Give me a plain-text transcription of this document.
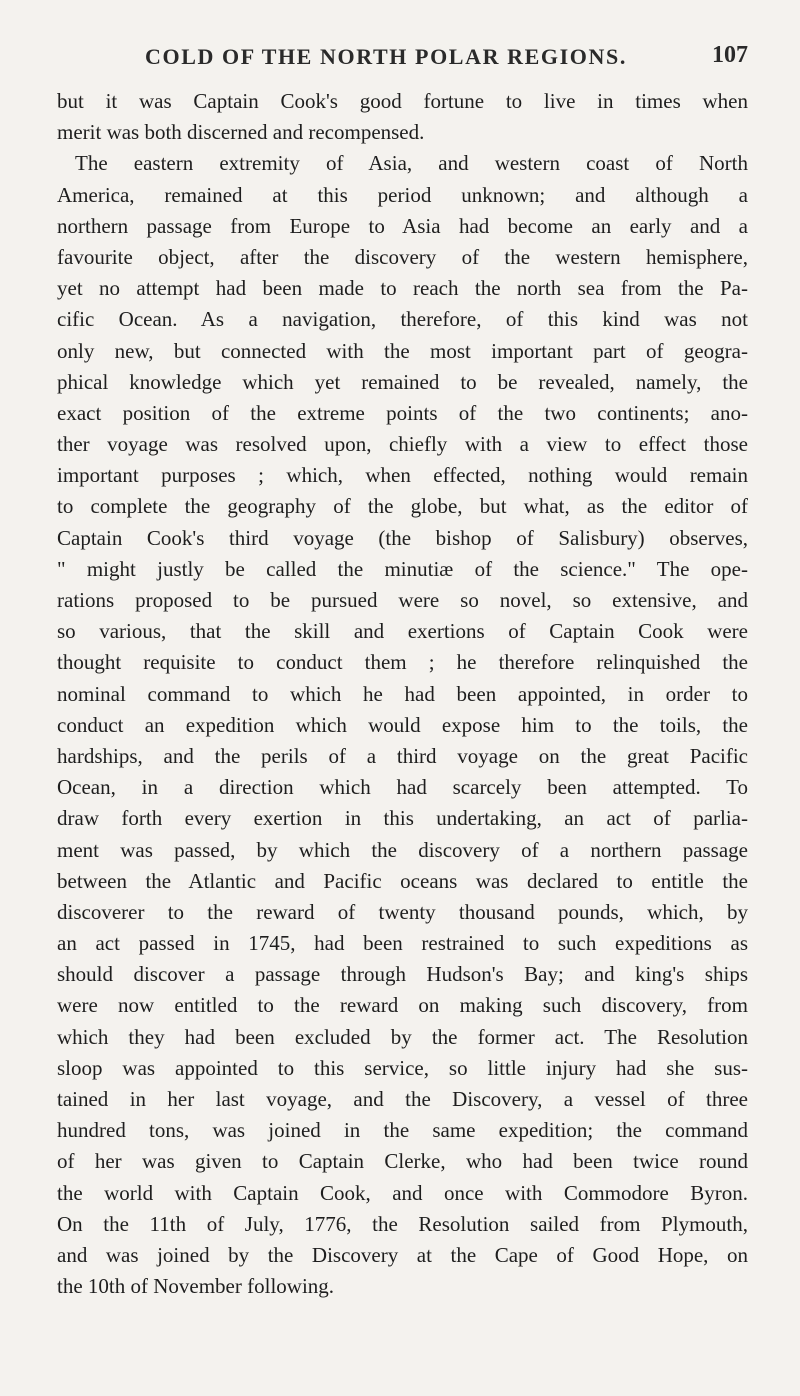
COLD OF THE NORTH POLAR REGIONS.	107
but it was Captain Cook's good fortune to live in times when
merit was both discerned and recompensed.
The eastern extremity of Asia, and western coast of North
America, remained at this period unknown; and although a
northern passage from Europe to Asia had become an early and a
favourite object, after the discovery of the western hemisphere,
yet no attempt had been made to reach the north sea from the Pa-
cific Ocean. As a navigation, therefore, of this kind was not
only new, but connected with the most important part of geogra-
phical knowledge which yet remained to be revealed, namely, the
exact position of the extreme points of the two continents; ano-
ther voyage was resolved upon, chiefly with a view to effect those
important purposes ; which, when effected, nothing would remain
to complete the geography of the globe, but what, as the editor of
Captain Cook's third voyage (the bishop of Salisbury) observes,
" might justly be called the minutiæ of the science." The ope-
rations proposed to be pursued were so novel, so extensive, and
so various, that the skill and exertions of Captain Cook were
thought requisite to conduct them ; he therefore relinquished the
nominal command to which he had been appointed, in order to
conduct an expedition which would expose him to the toils, the
hardships, and the perils of a third voyage on the great Pacific
Ocean, in a direction which had scarcely been attempted. To
draw forth every exertion in this undertaking, an act of parlia-
ment was passed, by which the discovery of a northern passage
between the Atlantic and Pacific oceans was declared to entitle the
discoverer to the reward of twenty thousand pounds, which, by
an act passed in 1745, had been restrained to such expeditions as
should discover a passage through Hudson's Bay; and king's ships
were now entitled to the reward on making such discovery, from
which they had been excluded by the former act. The Resolution
sloop was appointed to this service, so little injury had she sus-
tained in her last voyage, and the Discovery, a vessel of three
hundred tons, was joined in the same expedition; the command
of her was given to Captain Clerke, who had been twice round
the world with Captain Cook, and once with Commodore Byron.
On the 11th of July, 1776, the Resolution sailed from Plymouth,
and was joined by the Discovery at the Cape of Good Hope, on
the 10th of November following.
